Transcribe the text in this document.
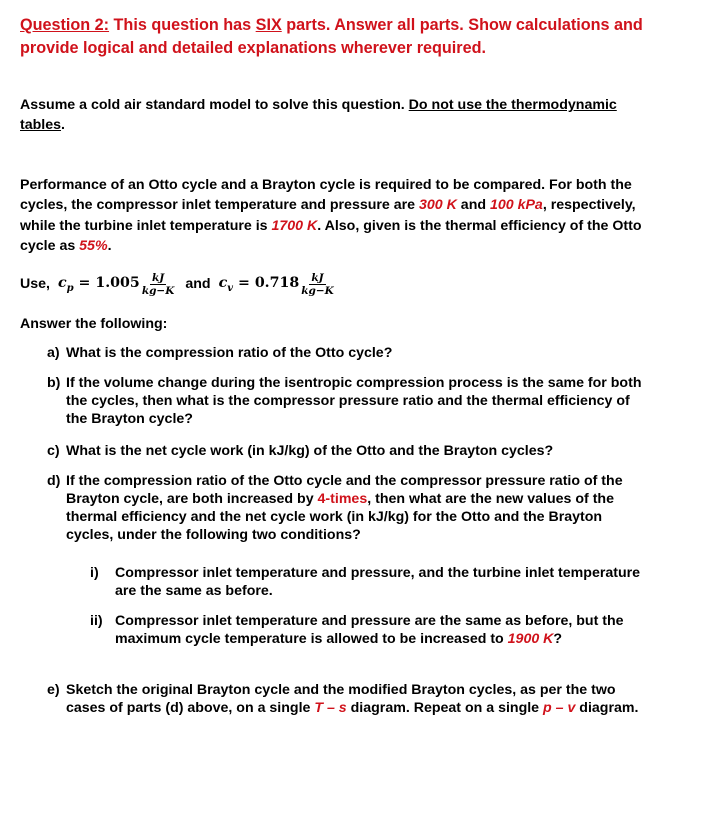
Question 2: This question has SIX parts. Answer all parts. Show calculations and provide logical and detailed explanations wherever required.
Assume a cold air standard model to solve this question. Do not use the thermodynamic tables.
Performance of an Otto cycle and a Brayton cycle is required to be compared. For both the cycles, the compressor inlet temperature and pressure are 300 K and 100 kPa, respectively, while the turbine inlet temperature is 1700 K. Also, given is the thermal efficiency of the Otto cycle as 55%.
Use, $c_p = 1.005 \frac{kJ}{kg-K}$ and $c_v = 0.718 \frac{kJ}{kg-K}$
Answer the following:
a) What is the compression ratio of the Otto cycle?
b) If the volume change during the isentropic compression process is the same for both the cycles, then what is the compressor pressure ratio and the thermal efficiency of the Brayton cycle?
c) What is the net cycle work (in kJ/kg) of the Otto and the Brayton cycles?
d) If the compression ratio of the Otto cycle and the compressor pressure ratio of the Brayton cycle, are both increased by 4-times, then what are the new values of the thermal efficiency and the net cycle work (in kJ/kg) for the Otto and the Brayton cycles, under the following two conditions?
i)	Compressor inlet temperature and pressure, and the turbine inlet temperature are the same as before.
ii) Compressor inlet temperature and pressure are the same as before, but the maximum cycle temperature is allowed to be increased to 1900 K?
e) Sketch the original Brayton cycle and the modified Brayton cycles, as per the two cases of parts (d) above, on a single T – s diagram. Repeat on a single p – v diagram.
